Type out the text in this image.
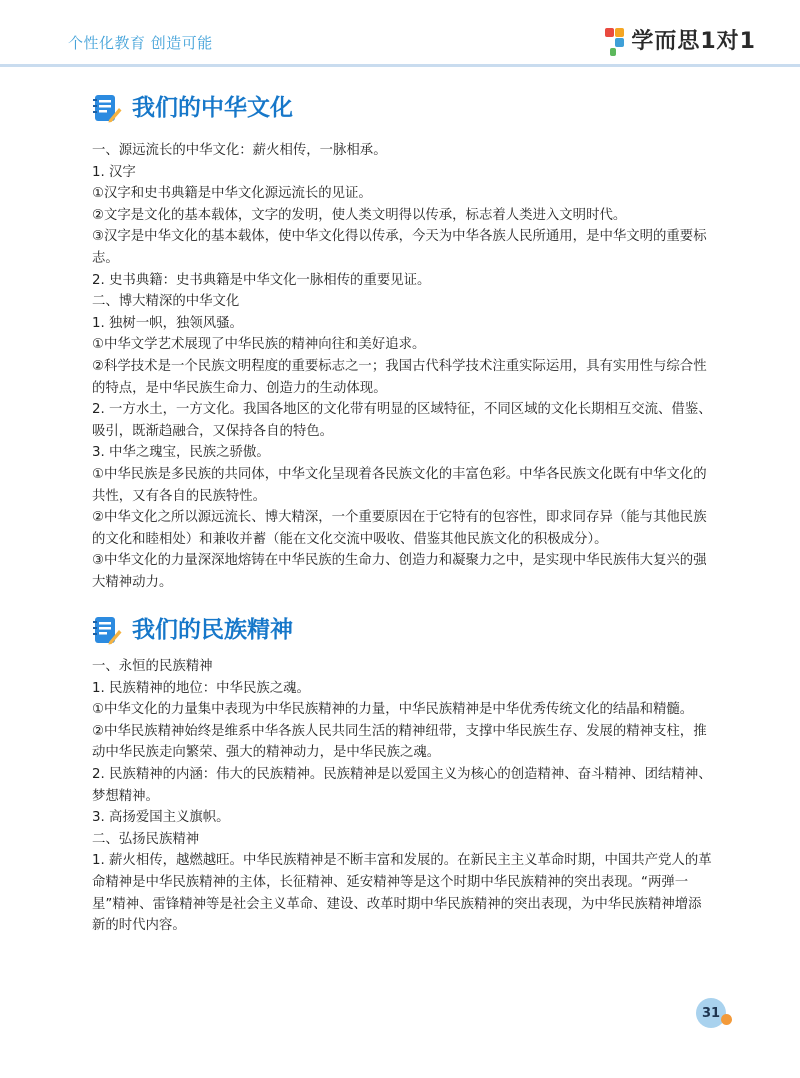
个性化教育 创造可能	学而思1对1
我们的中华文化

一、源远流长的中华文化：薪火相传，一脉相承。

1. 汉字

①汉字和史书典籍是中华文化源远流长的见证。

②文字是文化的基本载体，文字的发明，使人类文明得以传承，标志着人类进入文明时代。

③汉字是中华文化的基本载体，使中华文化得以传承，今天为中华各族人民所通用，是中华文明的重要标志。

2. 史书典籍：史书典籍是中华文化一脉相传的重要见证。

二、博大精深的中华文化

1. 独树一帜，独领风骚。

①中华文学艺术展现了中华民族的精神向往和美好追求。

②科学技术是一个民族文明程度的重要标志之一；我国古代科学技术注重实际运用，具有实用性与综合性的特点，是中华民族生命力、创造力的生动体现。

2. 一方水土，一方文化。我国各地区的文化带有明显的区域特征，不同区域的文化长期相互交流、借鉴、吸引，既渐趋融合，又保持各自的特色。

3. 中华之瑰宝，民族之骄傲。

①中华民族是多民族的共同体，中华文化呈现着各民族文化的丰富色彩。中华各民族文化既有中华文化的共性，又有各自的民族特性。

②中华文化之所以源远流长、博大精深，一个重要原因在于它特有的包容性，即求同存异（能与其他民族的文化和睦相处）和兼收并蓄（能在文化交流中吸收、借鉴其他民族文化的积极成分）。

③中华文化的力量深深地熔铸在中华民族的生命力、创造力和凝聚力之中，是实现中华民族伟大复兴的强大精神动力。

我们的民族精神

一、永恒的民族精神

1. 民族精神的地位：中华民族之魂。

①中华文化的力量集中表现为中华民族精神的力量，中华民族精神是中华优秀传统文化的结晶和精髓。

②中华民族精神始终是维系中华各族人民共同生活的精神纽带，支撑中华民族生存、发展的精神支柱，推动中华民族走向繁荣、强大的精神动力，是中华民族之魂。

2. 民族精神的内涵：伟大的民族精神。民族精神是以爱国主义为核心的创造精神、奋斗精神、团结精神、梦想精神。

3. 高扬爱国主义旗帜。

二、弘扬民族精神

1. 薪火相传，越燃越旺。中华民族精神是不断丰富和发展的。在新民主主义革命时期，中国共产党人的革命精神是中华民族精神的主体，长征精神、延安精神等是这个时期中华民族精神的突出表现。“两弹一星”精神、雷锋精神等是社会主义革命、建设、改革时期中华民族精神的突出表现，为中华民族精神增添新的时代内容。

31
